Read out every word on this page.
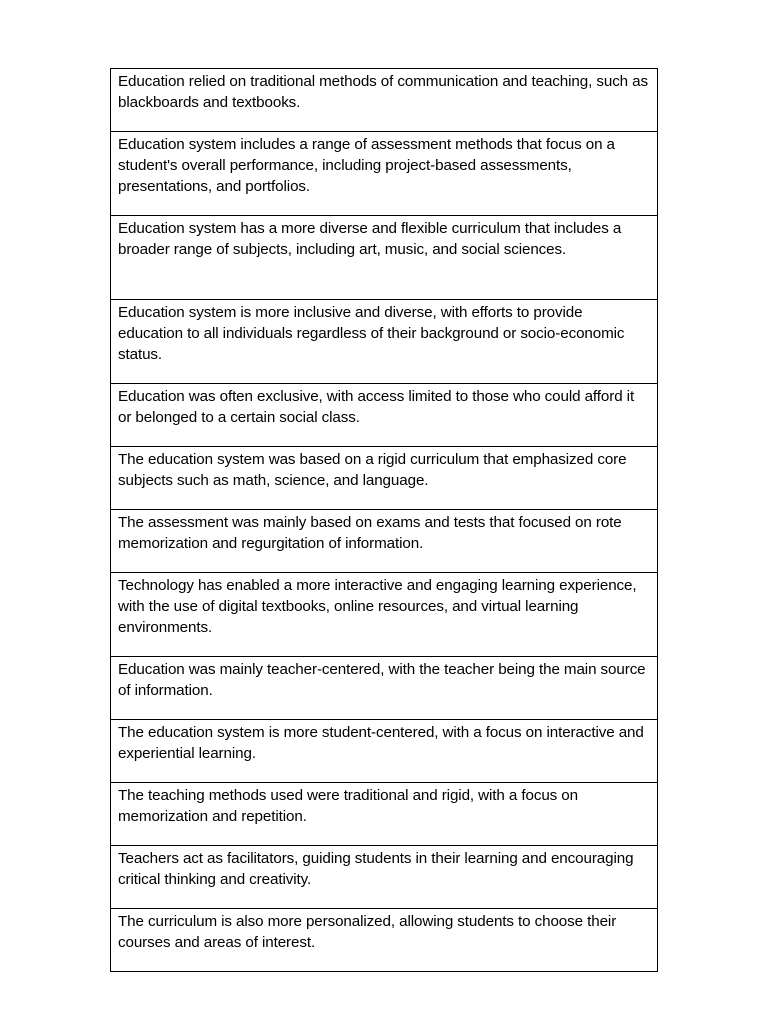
Education relied on traditional methods of communication and teaching, such as blackboards and textbooks.
Education system includes a range of assessment methods that focus on a student's overall performance, including project-based assessments, presentations, and portfolios.
Education system has a more diverse and flexible curriculum that includes a broader range of subjects, including art, music, and social sciences.
Education system is more inclusive and diverse, with efforts to provide education to all individuals regardless of their background or socio-economic status.
Education was often exclusive, with access limited to those who could afford it or belonged to a certain social class.
The education system was based on a rigid curriculum that emphasized core subjects such as math, science, and language.
The assessment was mainly based on exams and tests that focused on rote memorization and regurgitation of information.
Technology has enabled a more interactive and engaging learning experience, with the use of digital textbooks, online resources, and virtual learning environments.
Education was mainly teacher-centered, with the teacher being the main source of information.
The education system is more student-centered, with a focus on interactive and experiential learning.
The teaching methods used were traditional and rigid, with a focus on memorization and repetition.
Teachers act as facilitators, guiding students in their learning and encouraging critical thinking and creativity.
The curriculum is also more personalized, allowing students to choose their courses and areas of interest.
